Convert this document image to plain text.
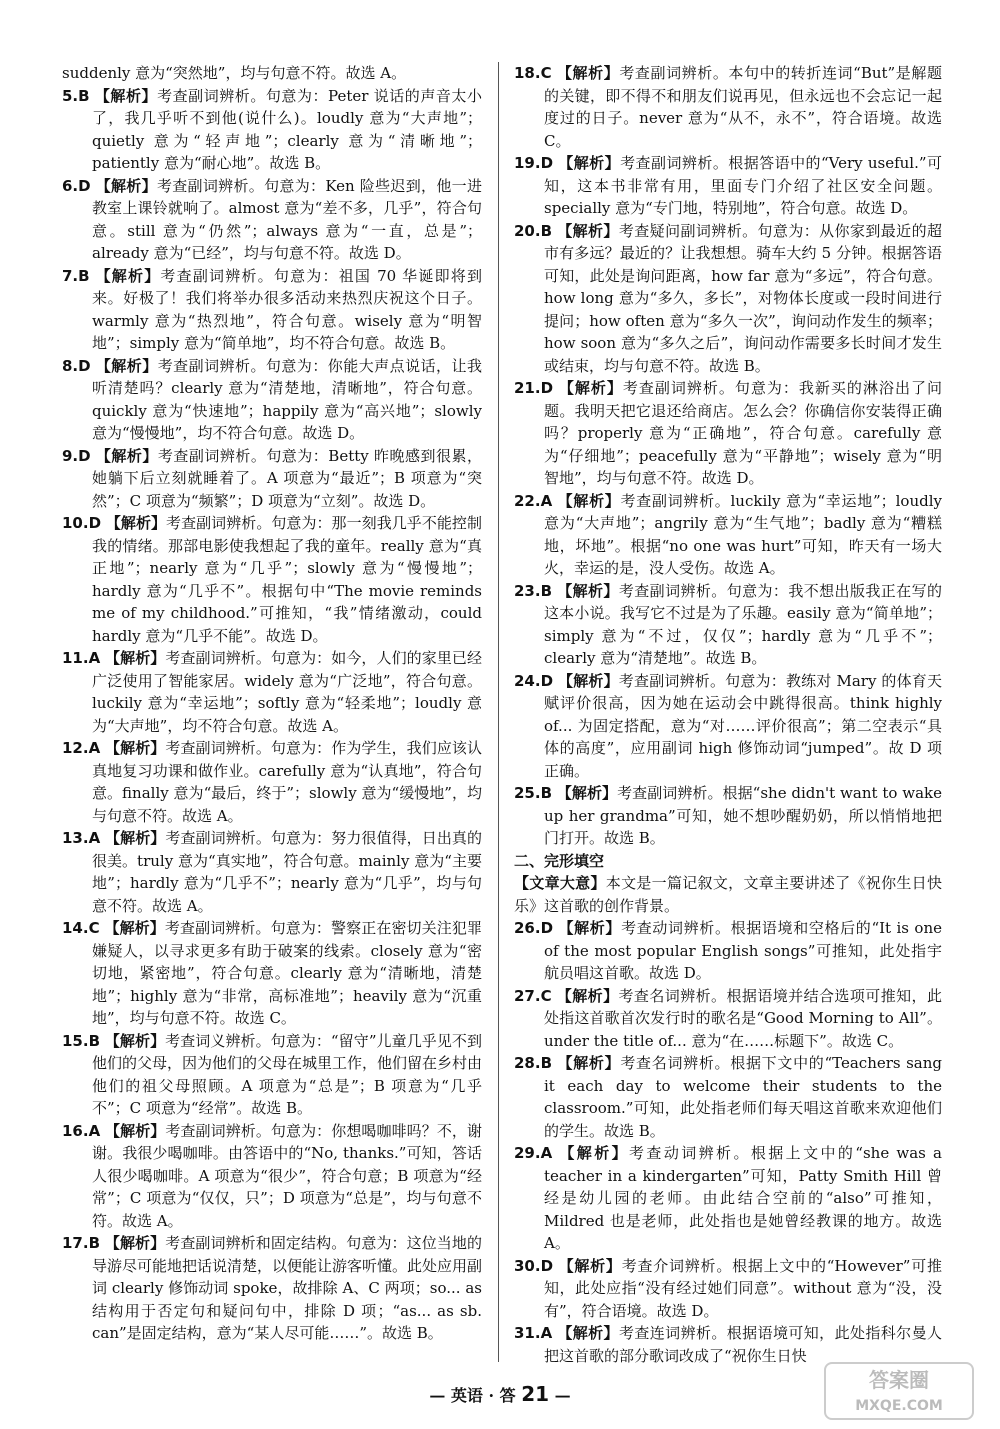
suddenly 意为“突然地”，均与句意不符。故选 A。

5.B 【解析】考查副词辨析。句意为：Peter 说话的声音太小了，我几乎听不到他(说什么)。loudly 意为“大声地”；quietly 意为“轻声地”；clearly 意为“清晰地”；patiently 意为“耐心地”。故选 B。

6.D 【解析】考查副词辨析。句意为：Ken 险些迟到，他一进教室上课铃就响了。almost 意为“差不多，几乎”，符合句意。still 意为“仍然”；always 意为“一直，总是”；already 意为“已经”，均与句意不符。故选 D。

7.B 【解析】考查副词辨析。句意为：祖国 70 华诞即将到来。好极了！我们将举办很多活动来热烈庆祝这个日子。warmly 意为“热烈地”，符合句意。wisely 意为“明智地”；simply 意为“简单地”，均不符合句意。故选 B。

8.D 【解析】考查副词辨析。句意为：你能大声点说话，让我听清楚吗？clearly 意为“清楚地，清晰地”，符合句意。quickly 意为“快速地”；happily 意为“高兴地”；slowly 意为“慢慢地”，均不符合句意。故选 D。

9.D 【解析】考查副词辨析。句意为：Betty 昨晚感到很累，她躺下后立刻就睡着了。A 项意为“最近”；B 项意为“突然”；C 项意为“频繁”；D 项意为“立刻”。故选 D。

10.D 【解析】考查副词辨析。句意为：那一刻我几乎不能控制我的情绪。那部电影使我想起了我的童年。really 意为“真正地”；nearly 意为“几乎”；slowly 意为“慢慢地”；hardly 意为“几乎不”。根据句中“The movie reminds me of my childhood.”可推知，“我”情绪激动，could hardly 意为“几乎不能”。故选 D。

11.A 【解析】考查副词辨析。句意为：如今，人们的家里已经广泛使用了智能家居。widely 意为“广泛地”，符合句意。luckily 意为“幸运地”；softly 意为“轻柔地”；loudly 意为“大声地”，均不符合句意。故选 A。

12.A 【解析】考查副词辨析。句意为：作为学生，我们应该认真地复习功课和做作业。carefully 意为“认真地”，符合句意。finally 意为“最后，终于”；slowly 意为“缓慢地”，均与句意不符。故选 A。

13.A 【解析】考查副词辨析。句意为：努力很值得，日出真的很美。truly 意为“真实地”，符合句意。mainly 意为“主要地”；hardly 意为“几乎不”；nearly 意为“几乎”，均与句意不符。故选 A。

14.C 【解析】考查副词辨析。句意为：警察正在密切关注犯罪嫌疑人，以寻求更多有助于破案的线索。closely 意为“密切地，紧密地”，符合句意。clearly 意为“清晰地，清楚地”；highly 意为“非常，高标准地”；heavily 意为“沉重地”，均与句意不符。故选 C。

15.B 【解析】考查词义辨析。句意为：“留守”儿童几乎见不到他们的父母，因为他们的父母在城里工作，他们留在乡村由他们的祖父母照顾。A 项意为“总是”；B 项意为“几乎不”；C 项意为“经常”。故选 B。

16.A 【解析】考查副词辨析。句意为：你想喝咖啡吗？不，谢谢。我很少喝咖啡。由答语中的“No, thanks.”可知，答话人很少喝咖啡。A 项意为“很少”，符合句意；B 项意为“经常”；C 项意为“仅仅，只”；D 项意为“总是”，均与句意不符。故选 A。

17.B 【解析】考查副词辨析和固定结构。句意为：这位当地的导游尽可能地把话说清楚，以便能让游客听懂。此处应用副词 clearly 修饰动词 spoke，故排除 A、C 两项；so... as 结构用于否定句和疑问句中，排除 D 项；“as... as sb. can”是固定结构，意为“某人尽可能……”。故选 B。

18.C 【解析】考查副词辨析。本句中的转折连词“But”是解题的关键，即不得不和朋友们说再见，但永远也不会忘记一起度过的日子。never 意为“从不，永不”，符合语境。故选 C。

19.D 【解析】考查副词辨析。根据答语中的“Very useful.”可知，这本书非常有用，里面专门介绍了社区安全问题。specially 意为“专门地，特别地”，符合句意。故选 D。

20.B 【解析】考查疑问副词辨析。句意为：从你家到最近的超市有多远？最近的？让我想想。骑车大约 5 分钟。根据答语可知，此处是询问距离，how far 意为“多远”，符合句意。how long 意为“多久，多长”，对物体长度或一段时间进行提问；how often 意为“多久一次”，询问动作发生的频率；how soon 意为“多久之后”，询问动作需要多长时间才发生或结束，均与句意不符。故选 B。

21.D 【解析】考查副词辨析。句意为：我新买的淋浴出了问题。我明天把它退还给商店。怎么会？你确信你安装得正确吗？properly 意为“正确地”，符合句意。carefully 意为“仔细地”；peacefully 意为“平静地”；wisely 意为“明智地”，均与句意不符。故选 D。

22.A 【解析】考查副词辨析。luckily 意为“幸运地”；loudly 意为“大声地”；angrily 意为“生气地”；badly 意为“糟糕地，坏地”。根据“no one was hurt”可知，昨天有一场大火，幸运的是，没人受伤。故选 A。

23.B 【解析】考查副词辨析。句意为：我不想出版我正在写的这本小说。我写它不过是为了乐趣。easily 意为“简单地”；simply 意为“不过，仅仅”；hardly 意为“几乎不”；clearly 意为“清楚地”。故选 B。

24.D 【解析】考查副词辨析。句意为：教练对 Mary 的体育天赋评价很高，因为她在运动会中跳得很高。think highly of... 为固定搭配，意为“对……评价很高”；第二空表示“具体的高度”，应用副词 high 修饰动词“jumped”。故 D 项正确。

25.B 【解析】考查副词辨析。根据“she didn't want to wake up her grandma”可知，她不想吵醒奶奶，所以悄悄地把门打开。故选 B。

二、完形填空

【文章大意】本文是一篇记叙文，文章主要讲述了《祝你生日快乐》这首歌的创作背景。

26.D 【解析】考查动词辨析。根据语境和空格后的“It is one of the most popular English songs”可推知，此处指宇航员唱这首歌。故选 D。

27.C 【解析】考查名词辨析。根据语境并结合选项可推知，此处指这首歌首次发行时的歌名是“Good Morning to All”。under the title of... 意为“在……标题下”。故选 C。

28.B 【解析】考查名词辨析。根据下文中的“Teachers sang it each day to welcome their students to the classroom.”可知，此处指老师们每天唱这首歌来欢迎他们的学生。故选 B。

29.A 【解析】考查动词辨析。根据上文中的“she was a teacher in a kindergarten”可知，Patty Smith Hill 曾经是幼儿园的老师。由此结合空前的“also”可推知，Mildred 也是老师，此处指也是她曾经教课的地方。故选 A。

30.D 【解析】考查介词辨析。根据上文中的“However”可推知，此处应指“没有经过她们同意”。without 意为“没，没有”，符合语境。故选 D。

31.A 【解析】考查连词辨析。根据语境可知，此处指科尔曼人把这首歌的部分歌词改成了“祝你生日快

— 英语 · 答 21 —
答案圈
MXQE.COM
